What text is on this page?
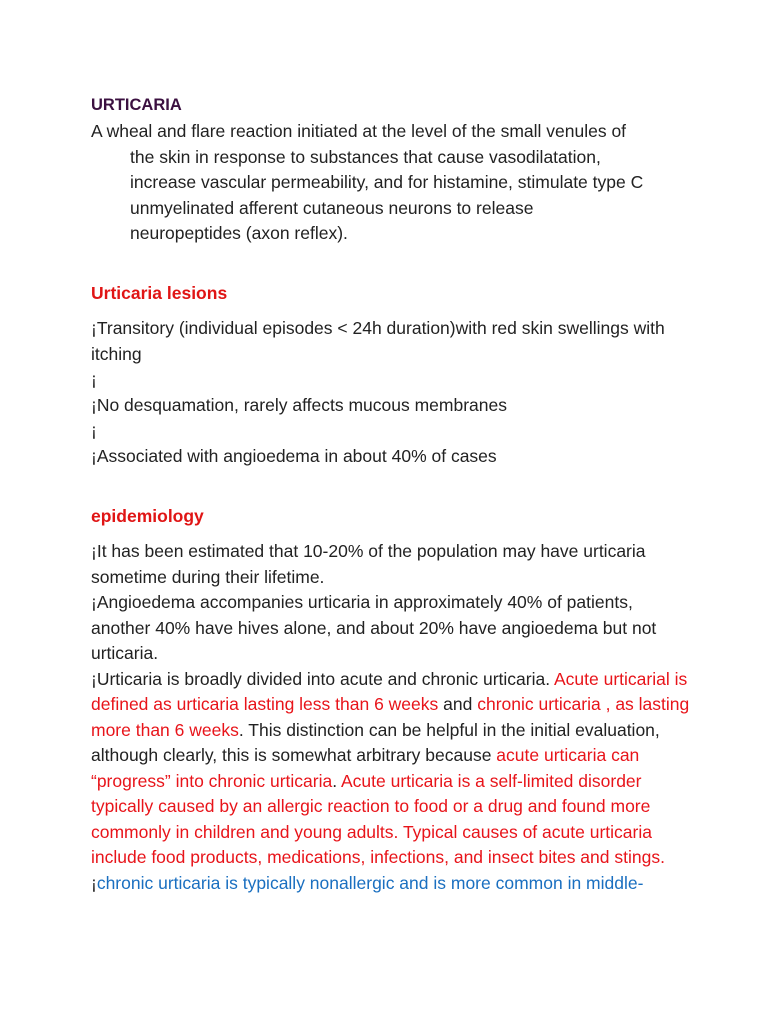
URTICARIA
A wheal and flare reaction initiated at the level of the small venules of
the skin in response to substances that cause vasodilatation,
increase vascular permeability, and for histamine, stimulate type C
unmyelinated afferent cutaneous neurons to release
neuropeptides (axon reflex).
Urticaria lesions

¡Transitory (individual episodes < 24h duration)with red skin swellings with itching

¡

¡No desquamation, rarely affects mucous membranes

¡

¡Associated with angioedema in about 40% of cases

epidemiology

¡It has been estimated that 10-20% of the population may have urticaria sometime during their lifetime.

¡Angioedema accompanies urticaria in approximately 40% of patients, another 40% have hives alone, and about 20% have angioedema but not urticaria.

¡Urticaria is broadly divided into acute and chronic urticaria. Acute urticarial is defined as urticaria lasting less than 6 weeks and chronic urticaria , as lasting more than 6 weeks. This distinction can be helpful in the initial evaluation, although clearly, this is somewhat arbitrary because acute urticaria can “progress” into chronic urticaria. Acute urticaria is a self-limited disorder typically caused by an allergic reaction to food or a drug and found more commonly in children and young adults. Typical causes of acute urticaria include food products, medications, infections, and insect bites and stings.

¡chronic urticaria is typically nonallergic and is more common in middle-
